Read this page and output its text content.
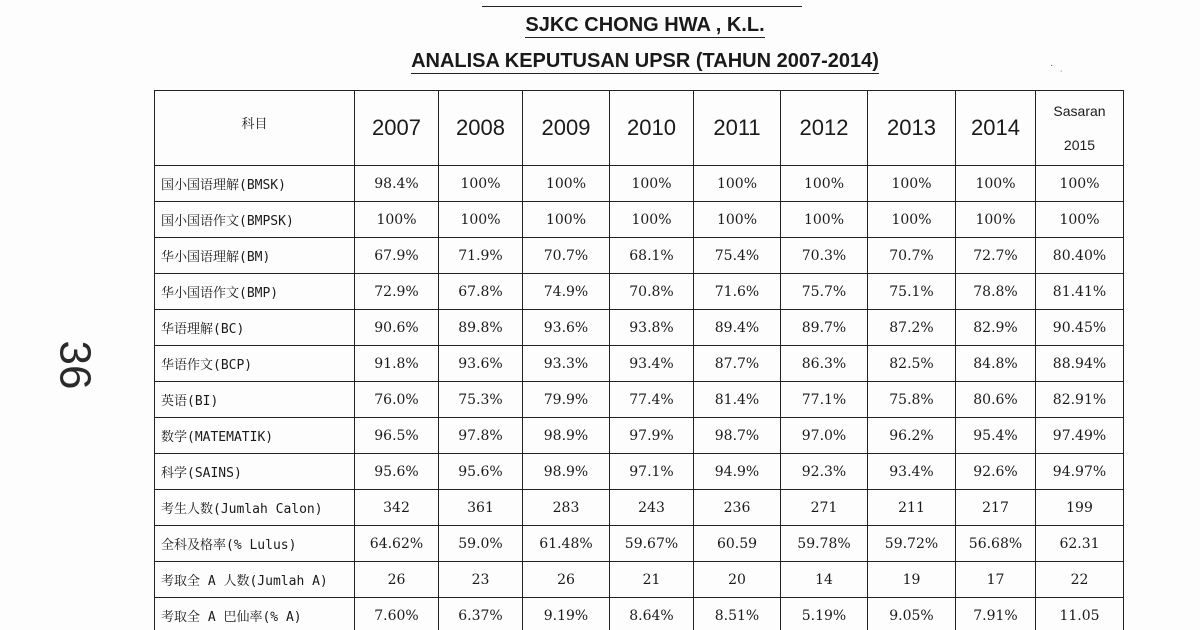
SJKC CHONG HWA , K.L.
ANALISA KEPUTUSAN UPSR (TAHUN 2007-2014)
36
·
˙
科目	2007	2008	2009	2010	2011	2012	2013	2014	Sasaran
2015

国小国语理解(BMSK)	98.4%	100%	100%	100%	100%	100%	100%	100%	100%
国小国语作文(BMPSK)	100%	100%	100%	100%	100%	100%	100%	100%	100%
华小国语理解(BM)	67.9%	71.9%	70.7%	68.1%	75.4%	70.3%	70.7%	72.7%	80.40%
华小国语作文(BMP)	72.9%	67.8%	74.9%	70.8%	71.6%	75.7%	75.1%	78.8%	81.41%
华语理解(BC)	90.6%	89.8%	93.6%	93.8%	89.4%	89.7%	87.2%	82.9%	90.45%
华语作文(BCP)	91.8%	93.6%	93.3%	93.4%	87.7%	86.3%	82.5%	84.8%	88.94%
英语(BI)	76.0%	75.3%	79.9%	77.4%	81.4%	77.1%	75.8%	80.6%	82.91%
数学(MATEMATIK)	96.5%	97.8%	98.9%	97.9%	98.7%	97.0%	96.2%	95.4%	97.49%
科学(SAINS)	95.6%	95.6%	98.9%	97.1%	94.9%	92.3%	93.4%	92.6%	94.97%
考生人数(Jumlah Calon)	342	361	283	243	236	271	211	217	199
全科及格率(% Lulus)	64.62%	59.0%	61.48%	59.67%	60.59	59.78%	59.72%	56.68%	62.31
考取全 A 人数(Jumlah A)	26	23	26	21	20	14	19	17	22
考取全 A 巴仙率(% A)	7.60%	6.37%	9.19%	8.64%	8.51%	5.19%	9.05%	7.91%	11.05
